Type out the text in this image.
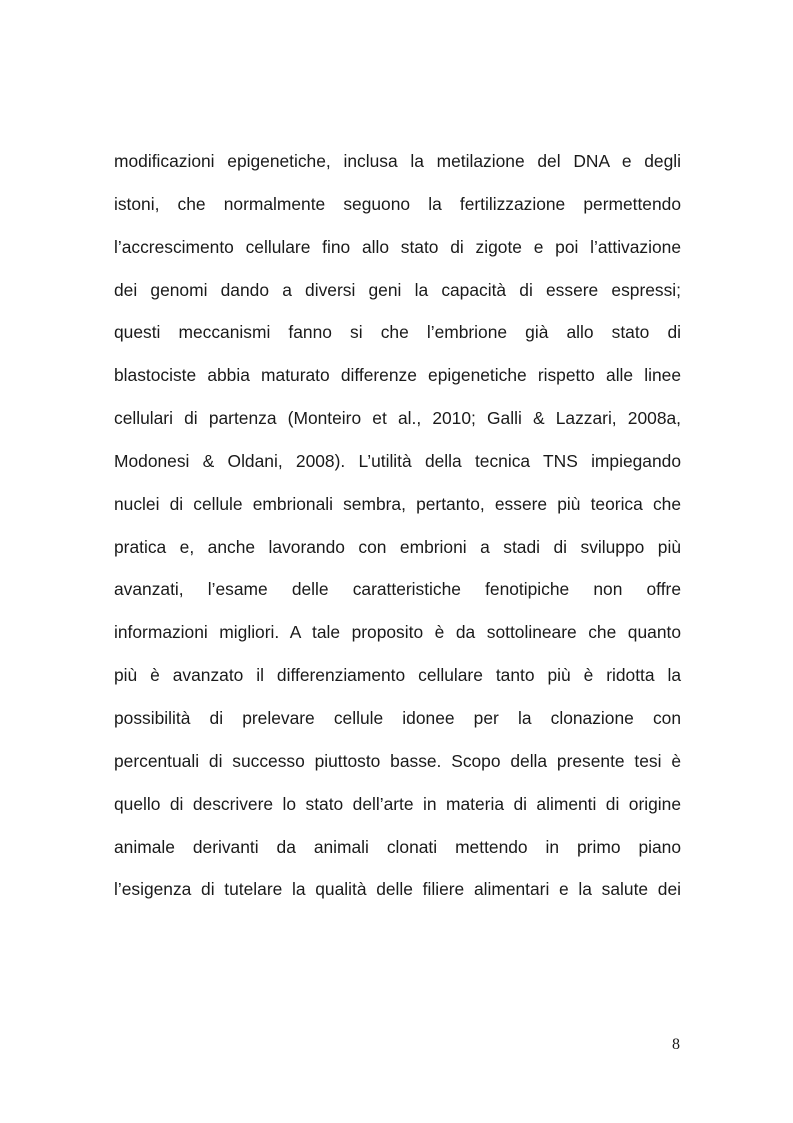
modificazioni epigenetiche, inclusa la metilazione del DNA e degli
istoni, che normalmente seguono la fertilizzazione permettendo
l’accrescimento cellulare fino allo stato di zigote e poi l’attivazione
dei genomi dando a diversi geni la capacità di essere espressi;
questi meccanismi fanno si che l’embrione già allo stato di
blastociste abbia maturato differenze epigenetiche rispetto alle linee
cellulari di partenza (Monteiro et al., 2010; Galli & Lazzari, 2008a,
Modonesi & Oldani, 2008). L’utilità della tecnica TNS impiegando
nuclei di cellule embrionali sembra, pertanto, essere più teorica che
pratica e, anche lavorando con embrioni a stadi di sviluppo più
avanzati, l’esame delle caratteristiche fenotipiche non offre
informazioni migliori. A tale proposito è da sottolineare che quanto
più è avanzato il differenziamento cellulare tanto più è ridotta la
possibilità di prelevare cellule idonee per la clonazione con
percentuali di successo piuttosto basse. Scopo della presente tesi è
quello di descrivere lo stato dell’arte in materia di alimenti di origine
animale derivanti da animali clonati mettendo in primo piano
l’esigenza di tutelare la qualità delle filiere alimentari e la salute dei

8
